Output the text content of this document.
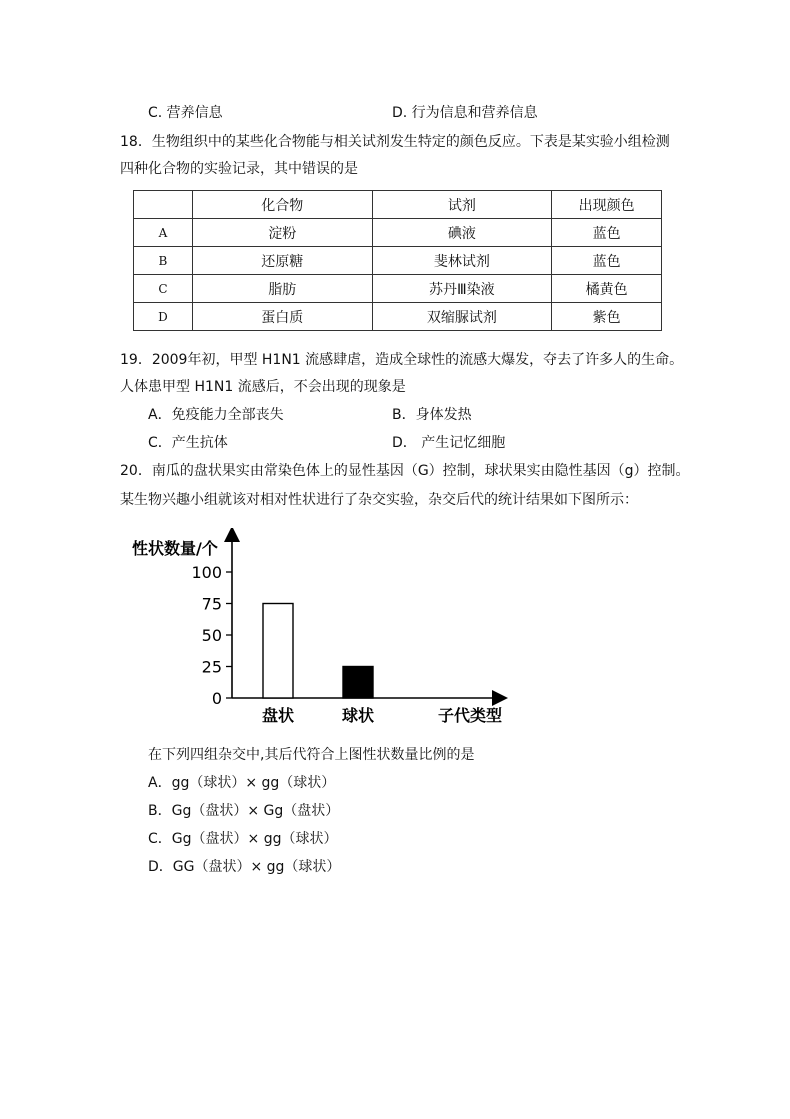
C. 营养信息	D. 行为信息和营养信息
18．生物组织中的某些化合物能与相关试剂发生特定的颜色反应。下表是某实验小组检测
四种化合物的实验记录，其中错误的是
	化合物	试剂	出现颜色
A	淀粉	碘液	蓝色
B	还原糖	斐林试剂	蓝色
C	脂肪	苏丹Ⅲ染液	橘黄色
D	蛋白质	双缩脲试剂	紫色
19．2009年初，甲型 H1N1 流感肆虐，造成全球性的流感大爆发，夺去了许多人的生命。
人体患甲型 H1N1 流感后，不会出现的现象是
A．免疫能力全部丧失	B．身体发热
C．产生抗体	D． 产生记忆细胞
20．南瓜的盘状果实由常染色体上的显性基因（G）控制，球状果实由隐性基因（g）控制。
某生物兴趣小组就该对相对性状进行了杂交实验，杂交后代的统计结果如下图所示：
性状数量/个
子代类型
0
25
50
75
100
盘状	球状
在下列四组杂交中,其后代符合上图性状数量比例的是
A．gg（球状）× gg（球状）
B．Gg（盘状）× Gg（盘状）
C．Gg（盘状）× gg（球状）
D．GG（盘状）× gg（球状）
